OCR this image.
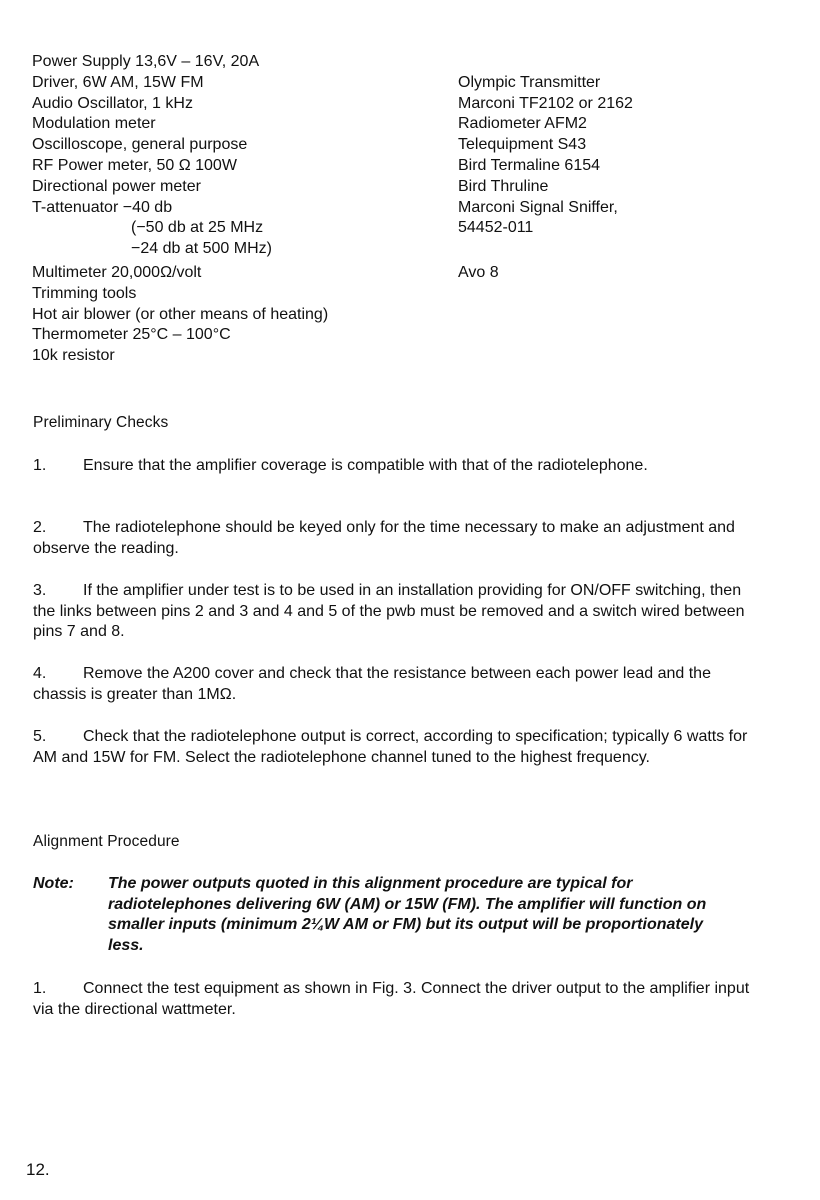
Power Supply 13,6V – 16V, 20A
Driver, 6W AM, 15W FM	Olympic Transmitter
Audio Oscillator, 1 kHz	Marconi TF2102 or 2162
Modulation meter	Radiometer AFM2
Oscilloscope, general purpose	Telequipment S43
RF Power meter, 50 Ω 100W	Bird Termaline 6154
Directional power meter	Bird Thruline
T-attenuator −40 db	Marconi Signal Sniffer,
(−50 db at 25 MHz	54452-011
−24 db at 500 MHz)
Multimeter 20,000Ω/volt	Avo 8
Trimming tools
Hot air blower (or other means of heating)
Thermometer 25°C – 100°C
10k resistor
Preliminary Checks
1. Ensure that the amplifier coverage is compatible with that of the radiotelephone.
2. The radiotelephone should be keyed only for the time necessary to make an adjustment and observe the reading.
3. If the amplifier under test is to be used in an installation providing for ON/OFF switching, then the links between pins 2 and 3 and 4 and 5 of the pwb must be removed and a switch wired between pins 7 and 8.
4. Remove the A200 cover and check that the resistance between each power lead and the chassis is greater than 1MΩ.
5. Check that the radiotelephone output is correct, according to specification; typically 6 watts for AM and 15W for FM. Select the radiotelephone channel tuned to the highest frequency.
Alignment Procedure
Note: The power outputs quoted in this alignment procedure are typical for radiotelephones delivering 6W (AM) or 15W (FM). The amplifier will function on smaller inputs (minimum 2¼W AM or FM) but its output will be proportionately less.
1. Connect the test equipment as shown in Fig. 3. Connect the driver output to the amplifier input via the directional wattmeter.
12.
